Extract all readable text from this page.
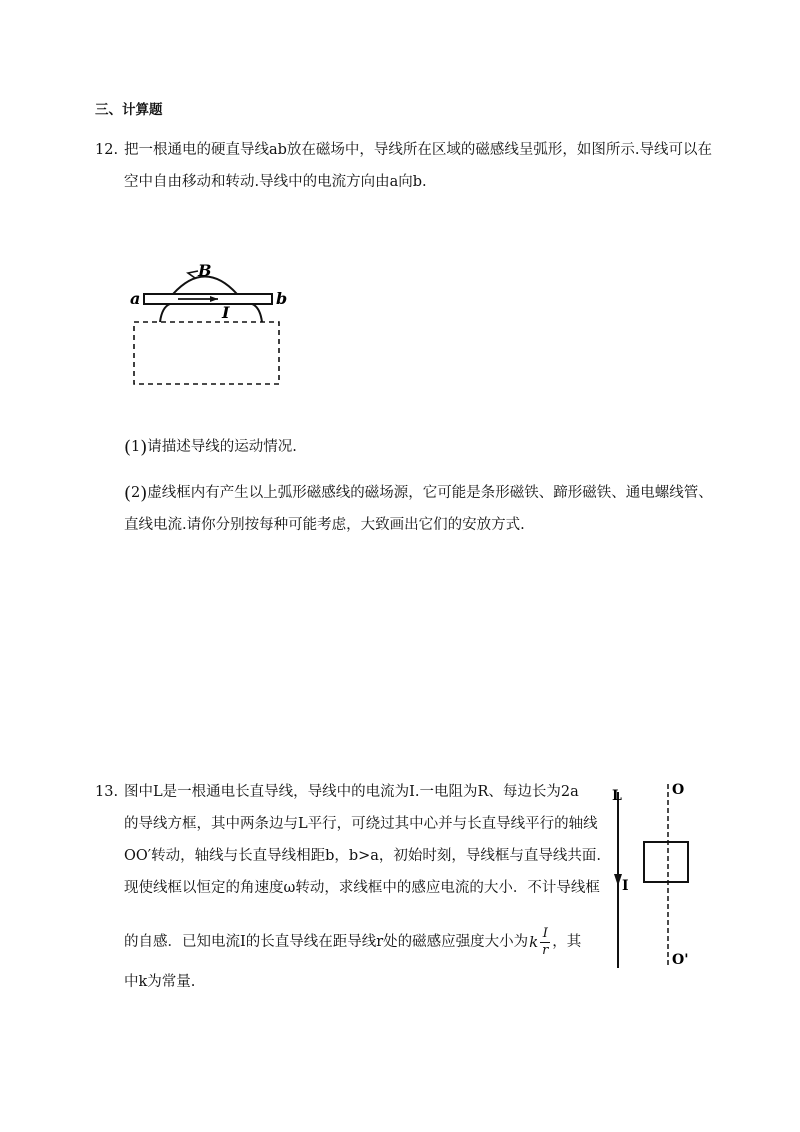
三、计算题
12. 把一根通电的硬直导线ab放在磁场中，导线所在区域的磁感线呈弧形，如图所示.导线可以在
空中自由移动和转动.导线中的电流方向由a向b.
a	b
B
I
(1)请描述导线的运动情况.
(2)虚线框内有产生以上弧形磁感线的磁场源，它可能是条形磁铁、蹄形磁铁、通电螺线管、
直线电流.请你分别按每种可能考虑，大致画出它们的安放方式.
13. 图中L是一根通电长直导线，导线中的电流为I.一电阻为R、每边长为2a
的导线方框，其中两条边与L平行，可绕过其中心并与长直导线平行的轴线
OO′转动，轴线与长直导线相距b，b>a，初始时刻，导线框与直导线共面.
现使线框以恒定的角速度ω转动，求线框中的感应电流的大小．不计导线框
的自感．已知电流I的长直导线在距导线r处的磁感应强度大小为 k I
r ，其
中k为常量.
L
I
O
O'
